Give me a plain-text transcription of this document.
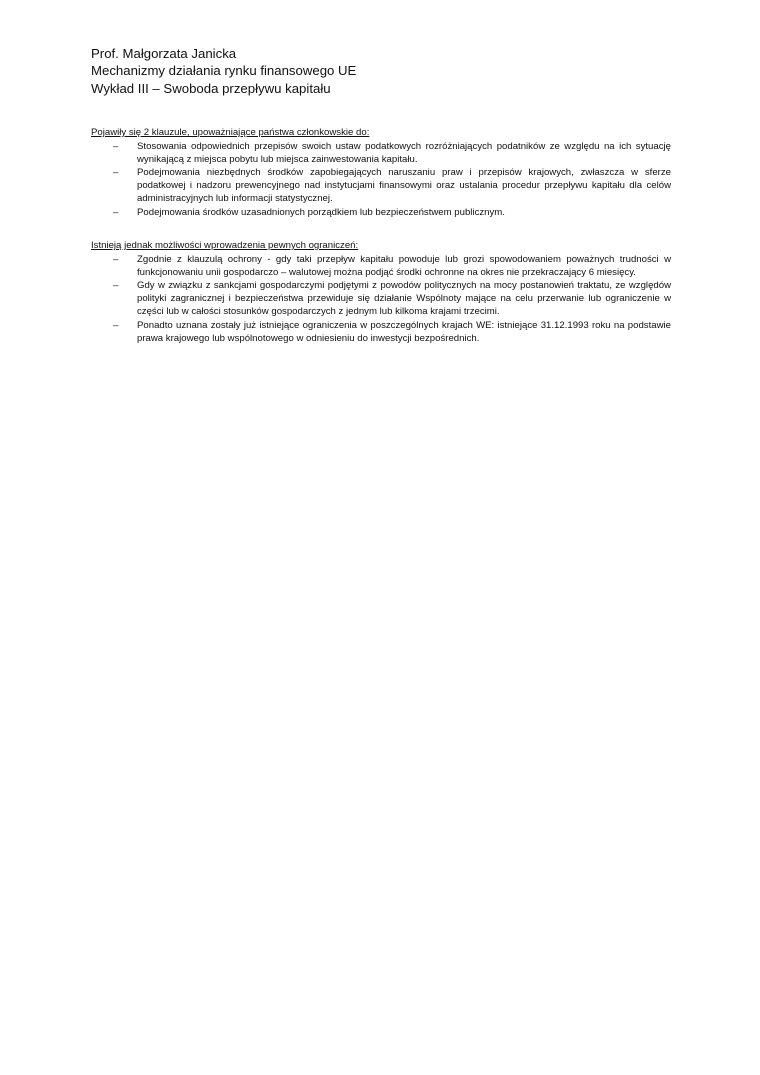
Prof. Małgorzata Janicka
Mechanizmy działania rynku finansowego UE
Wykład III – Swoboda przepływu kapitału
Pojawiły się 2 klauzule, upoważniające państwa członkowskie do:
– Stosowania odpowiednich przepisów swoich ustaw podatkowych rozróżniających podatników ze względu na ich sytuację wynikającą z miejsca pobytu lub miejsca zainwestowania kapitału.
– Podejmowania niezbędnych środków zapobiegających naruszaniu praw i przepisów krajowych, zwłaszcza w sferze podatkowej i nadzoru prewencyjnego nad instytucjami finansowymi oraz ustalania procedur przepływu kapitału dla celów administracyjnych lub informacji statystycznej.
– Podejmowania środków uzasadnionych porządkiem lub bezpieczeństwem publicznym.
Istnieją jednak możliwości wprowadzenia pewnych ograniczeń:
– Zgodnie z klauzulą ochrony - gdy taki przepływ kapitału powoduje lub grozi spowodowaniem poważnych trudności w funkcjonowaniu unii gospodarczo – walutowej można podjąć środki ochronne na okres nie przekraczający 6 miesięcy.
– Gdy w związku z sankcjami gospodarczymi podjętymi z powodów politycznych na mocy postanowień traktatu, ze względów polityki zagranicznej i bezpieczeństwa przewiduje się działanie Wspólnoty mające na celu przerwanie lub ograniczenie w części lub w całości stosunków gospodarczych z jednym lub kilkoma krajami trzecimi.
– Ponadto uznana zostały już istniejące ograniczenia w poszczególnych krajach WE: istniejące 31.12.1993 roku na podstawie prawa krajowego lub wspólnotowego w odniesieniu do inwestycji bezpośrednich.
